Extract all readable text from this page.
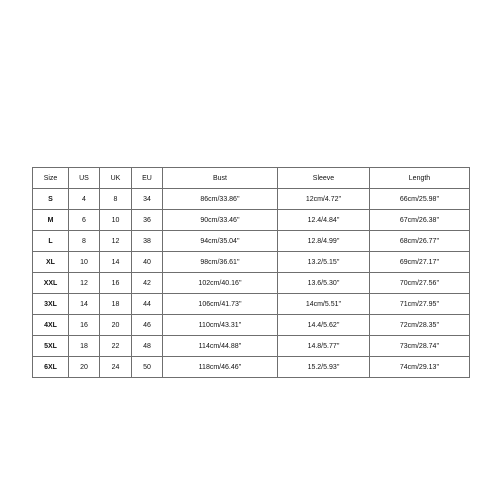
Size	US	UK	EU	Bust	Sleeve	Length
S	4	8	34	86cm/33.86''	12cm/4.72''	66cm/25.98''
M	6	10	36	90cm/33.46''	12.4/4.84''	67cm/26.38''
L	8	12	38	94cm/35.04''	12.8/4.99''	68cm/26.77''
XL	10	14	40	98cm/36.61''	13.2/5.15''	69cm/27.17''
XXL	12	16	42	102cm/40.16''	13.6/5.30''	70cm/27.56''
3XL	14	18	44	106cm/41.73''	14cm/5.51''	71cm/27.95''
4XL	16	20	46	110cm/43.31''	14.4/5.62''	72cm/28.35''
5XL	18	22	48	114cm/44.88''	14.8/5.77''	73cm/28.74''
6XL	20	24	50	118cm/46.46''	15.2/5.93''	74cm/29.13''
